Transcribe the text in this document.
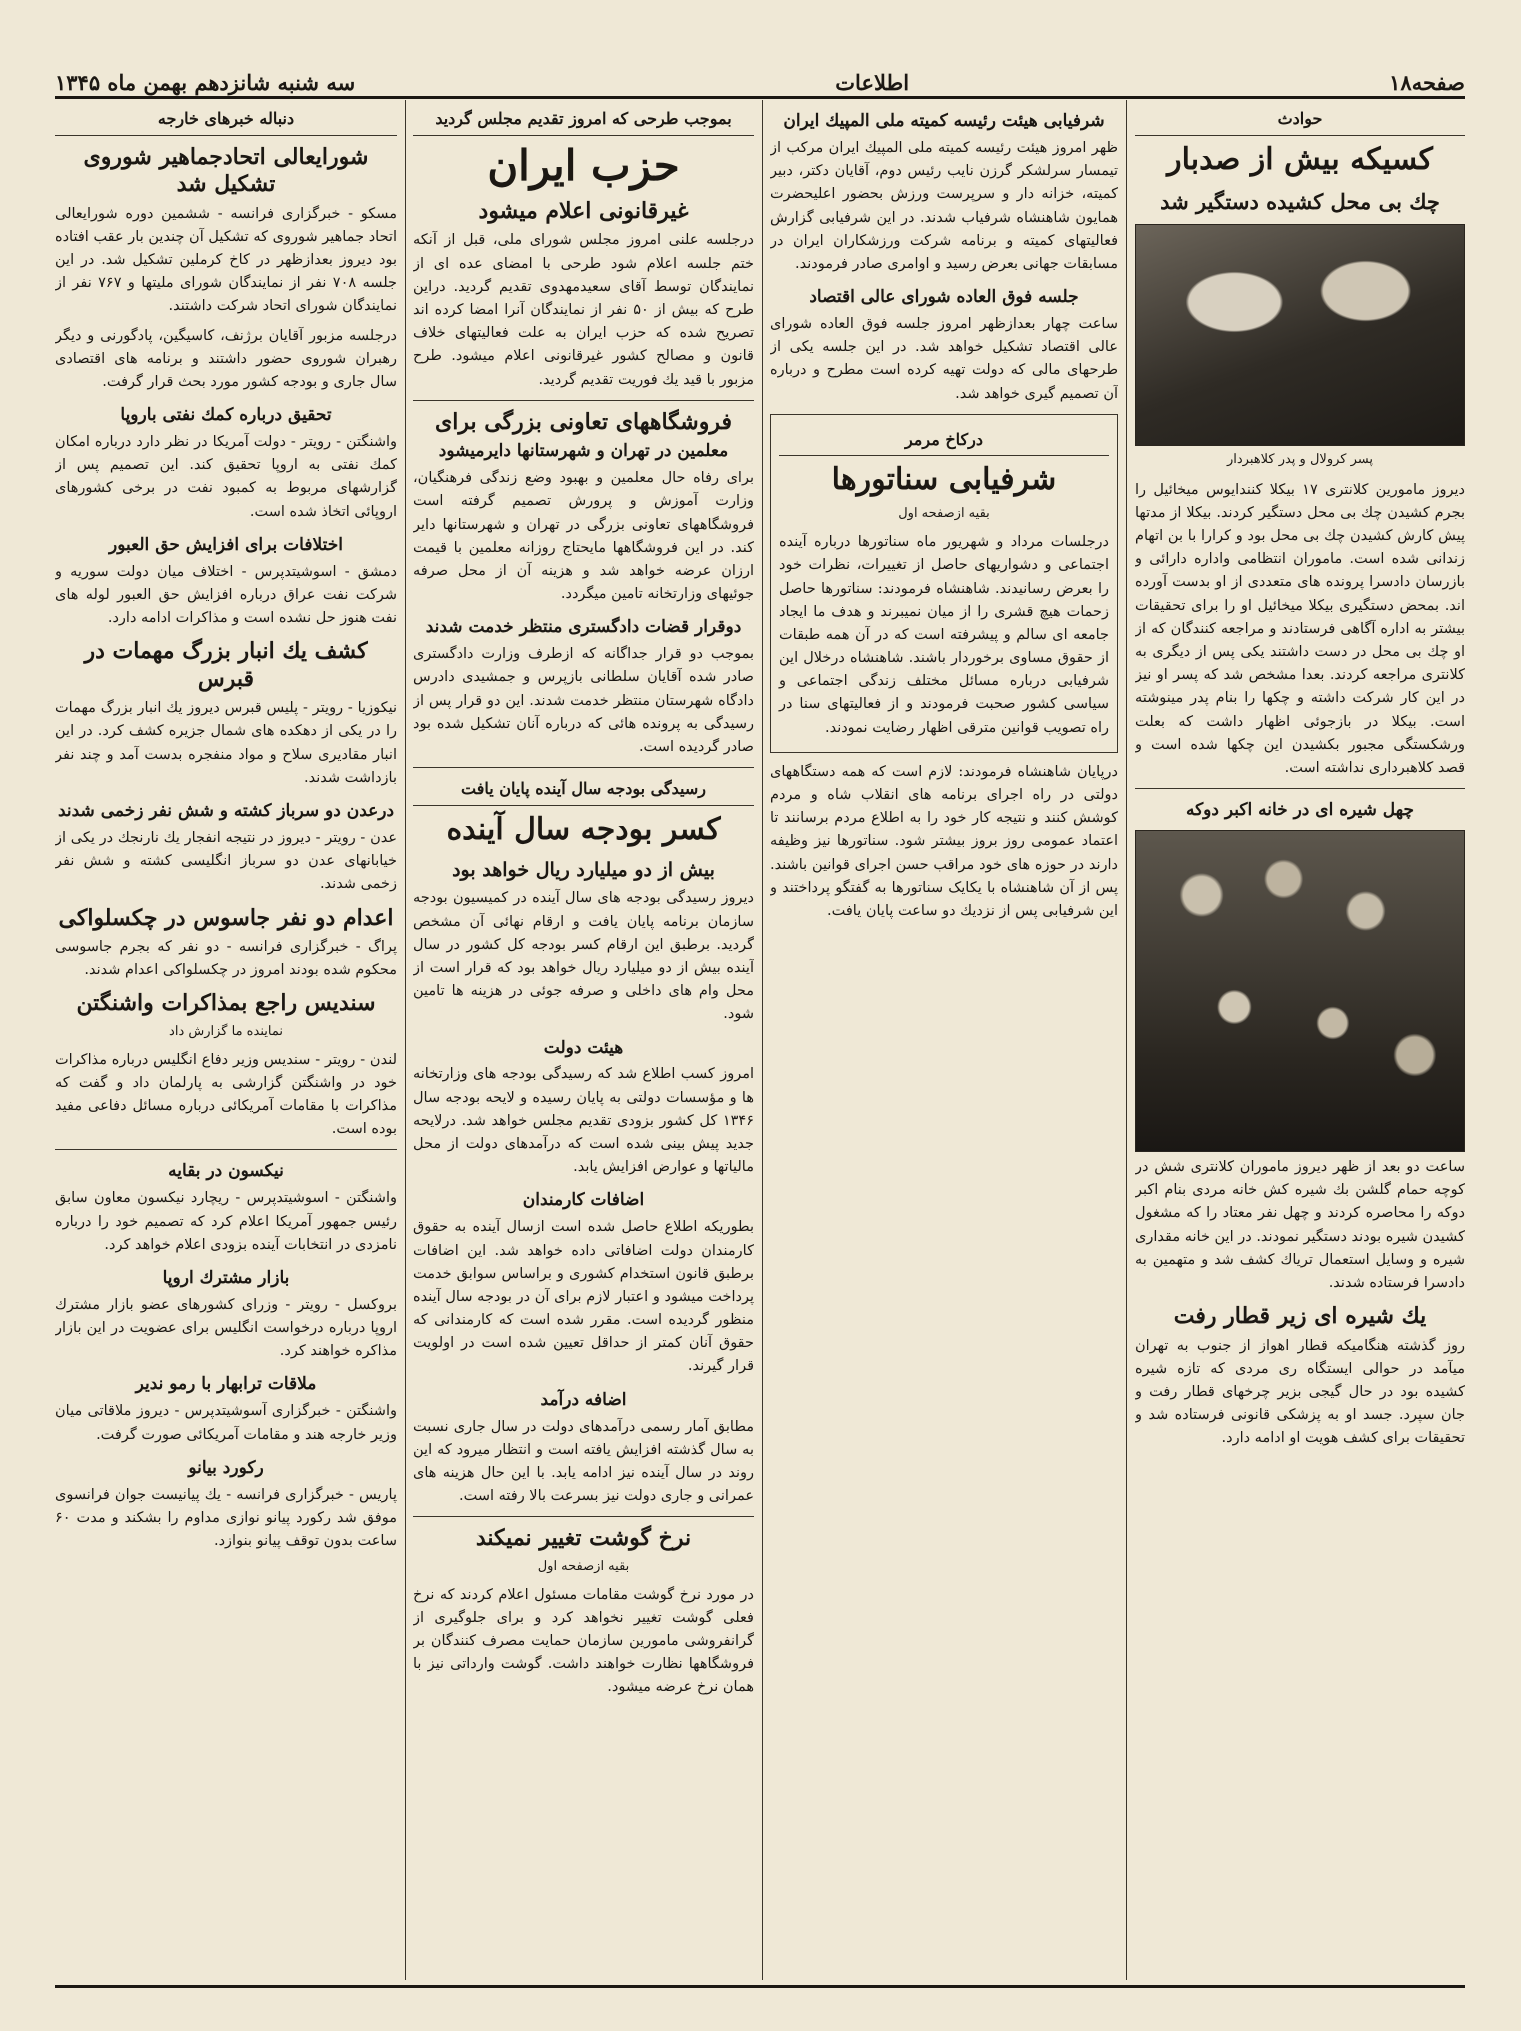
سه شنبه شانزدهم بهمن ماه ۱۳۴۵	اطلاعات	صفحه۱۸
حوادث
کسیکه بیش از صدبار
چك بی محل کشیده دستگیر شد
پسر کرولال و پدر کلاهبردار

دیروز مامورین کلانتری ۱۷ بیکلا کنندایوس میخائیل را بجرم کشیدن چك بی محل دستگیر کردند. بیکلا از مدتها پیش کارش کشیدن چك بی محل بود و کرارا با بن اتهام زندانی شده است. ماموران انتظامی واداره دارائی و بازرسان دادسرا پرونده های متعددی از او بدست آورده اند. بمحض دستگیری بیکلا میخائیل او را برای تحقیقات بیشتر به اداره آگاهی فرستادند و مراجعه کنندگان که از او چك بی محل در دست داشتند یکی پس از دیگری به کلانتری مراجعه کردند. بعدا مشخص شد که پسر او نیز در این کار شرکت داشته و چکها را بنام پدر مینوشته است. بیکلا در بازجوئی اظهار داشت که بعلت ورشکستگی مجبور بکشیدن این چکها شده است و قصد کلاهبرداری نداشته است.

چهل شیره ای در خانه اکبر دوکه

ساعت دو بعد از ظهر دیروز ماموران کلانتری شش در کوچه حمام گلشن بك شیره کش خانه مردی بنام اکبر دوکه را محاصره کردند و چهل نفر معتاد را که مشغول کشیدن شیره بودند دستگیر نمودند. در این خانه مقداری شیره و وسایل استعمال تریاك کشف شد و متهمین به دادسرا فرستاده شدند.

یك شیره ای زیر قطار رفت

روز گذشته هنگامیکه قطار اهواز از جنوب به تهران میآمد در حوالی ایستگاه ری مردی که تازه شیره کشیده بود در حال گیجی بزیر چرخهای قطار رفت و جان سپرد. جسد او به پزشکی قانونی فرستاده شد و تحقیقات برای کشف هویت او ادامه دارد.

شرفیابی هیئت رئیسه کمیته ملی المپیك ایران

ظهر امروز هیئت رئیسه کمیته ملی المپیك ایران مرکب از تیمسار سرلشکر گرزن نایب رئیس دوم، آقایان دکتر، دبیر کمیته، خزانه دار و سرپرست ورزش بحضور اعلیحضرت همایون شاهنشاه شرفیاب شدند. در این شرفیابی گزارش فعالیتهای کمیته و برنامه شرکت ورزشکاران ایران در مسابقات جهانی بعرض رسید و اوامری صادر فرمودند.

جلسه فوق العاده شورای عالی اقتصاد

ساعت چهار بعدازظهر امروز جلسه فوق العاده شورای عالی اقتصاد تشکیل خواهد شد. در این جلسه یکی از طرحهای مالی که دولت تهیه کرده است مطرح و درباره آن تصمیم گیری خواهد شد.

درکاخ مرمر
شرفیابی سناتورها
بقیه ازصفحه اول

درجلسات مرداد و شهریور ماه سناتورها درباره آینده اجتماعی و دشواریهای حاصل از تغییرات، نظرات خود را بعرض رسانیدند. شاهنشاه فرمودند: سناتورها حاصل زحمات هیچ قشری را از میان نمیبرند و هدف ما ایجاد جامعه ای سالم و پیشرفته است که در آن همه طبقات از حقوق مساوی برخوردار باشند. شاهنشاه درخلال این شرفیابی درباره مسائل مختلف زندگی اجتماعی و سیاسی کشور صحبت فرمودند و از فعالیتهای سنا در راه تصویب قوانین مترقی اظهار رضایت نمودند.

درپایان شاهنشاه فرمودند: لازم است که همه دستگاههای دولتی در راه اجرای برنامه های انقلاب شاه و مردم کوشش کنند و نتیجه کار خود را به اطلاع مردم برسانند تا اعتماد عمومی روز بروز بیشتر شود. سناتورها نیز وظیفه دارند در حوزه های خود مراقب حسن اجرای قوانین باشند. پس از آن شاهنشاه با یکایک سناتورها به گفتگو پرداختند و این شرفیابی پس از نزدیك دو ساعت پایان یافت.

بموجب طرحی که امروز تقدیم مجلس گردید
حزب ایران
غیرقانونی اعلام میشود

درجلسه علنی امروز مجلس شورای ملی، قبل از آنکه ختم جلسه اعلام شود طرحی با امضای عده ای از نمایندگان توسط آقای سعیدمهدوی تقدیم گردید. دراین طرح که بیش از ۵۰ نفر از نمایندگان آنرا امضا کرده اند تصریح شده که حزب ایران به علت فعالیتهای خلاف قانون و مصالح کشور غیرقانونی اعلام میشود. طرح مزبور با قید یك فوریت تقدیم گردید.

فروشگاههای تعاونی بزرگی برای
معلمین در تهران و شهرستانها دایرمیشود

برای رفاه حال معلمین و بهبود وضع زندگی فرهنگیان، وزارت آموزش و پرورش تصمیم گرفته است فروشگاههای تعاونی بزرگی در تهران و شهرستانها دایر کند. در این فروشگاهها مایحتاج روزانه معلمین با قیمت ارزان عرضه خواهد شد و هزینه آن از محل صرفه جوئیهای وزارتخانه تامین میگردد.

دوقرار قضات دادگستری منتظر خدمت شدند

بموجب دو قرار جداگانه که ازطرف وزارت دادگستری صادر شده آقایان سلطانی بازپرس و جمشیدی دادرس دادگاه شهرستان منتظر خدمت شدند. این دو قرار پس از رسیدگی به پرونده هائی که درباره آنان تشکیل شده بود صادر گردیده است.

رسیدگی بودجه سال آینده پایان یافت
کسر بودجه سال آینده
بیش از دو میلیارد ریال خواهد بود

دیروز رسیدگی بودجه های سال آینده در کمیسیون بودجه سازمان برنامه پایان یافت و ارقام نهائی آن مشخص گردید. برطبق این ارقام کسر بودجه کل کشور در سال آینده بیش از دو میلیارد ریال خواهد بود که قرار است از محل وام های داخلی و صرفه جوئی در هزینه ها تامین شود.

هیئت دولت

امروز کسب اطلاع شد که رسیدگی بودجه های وزارتخانه ها و مؤسسات دولتی به پایان رسیده و لایحه بودجه سال ۱۳۴۶ کل کشور بزودی تقدیم مجلس خواهد شد. درلایحه جدید پیش بینی شده است که درآمدهای دولت از محل مالیاتها و عوارض افزایش یابد.

اضافات کارمندان

بطوریکه اطلاع حاصل شده است ازسال آینده به حقوق کارمندان دولت اضافاتی داده خواهد شد. این اضافات برطبق قانون استخدام کشوری و براساس سوابق خدمت پرداخت میشود و اعتبار لازم برای آن در بودجه سال آینده منظور گردیده است. مقرر شده است که کارمندانی که حقوق آنان کمتر از حداقل تعیین شده است در اولویت قرار گیرند.

اضافه درآمد

مطابق آمار رسمی درآمدهای دولت در سال جاری نسبت به سال گذشته افزایش یافته است و انتظار میرود که این روند در سال آینده نیز ادامه یابد. با این حال هزینه های عمرانی و جاری دولت نیز بسرعت بالا رفته است.

نرخ گوشت تغییر نمیکند
بقیه ازصفحه اول

در مورد نرخ گوشت مقامات مسئول اعلام کردند که نرخ فعلی گوشت تغییر نخواهد کرد و برای جلوگیری از گرانفروشی مامورین سازمان حمایت مصرف کنندگان بر فروشگاهها نظارت خواهند داشت. گوشت وارداتی نیز با همان نرخ عرضه میشود.

دنباله خبرهای خارجه
شورایعالی اتحادجماهیر شوروی تشکیل شد

مسکو - خبرگزاری فرانسه - ششمین دوره شورایعالی اتحاد جماهیر شوروی که تشکیل آن چندین بار عقب افتاده بود دیروز بعدازظهر در کاخ کرملین تشکیل شد. در این جلسه ۷۰۸ نفر از نمایندگان شورای ملیتها و ۷۶۷ نفر از نمایندگان شورای اتحاد شرکت داشتند.

درجلسه مزبور آقایان برژنف، کاسیگین، پادگورنی و دیگر رهبران شوروی حضور داشتند و برنامه های اقتصادی سال جاری و بودجه کشور مورد بحث قرار گرفت.

تحقیق درباره کمك نفتی باروپا

واشنگتن - رویتر - دولت آمریکا در نظر دارد درباره امکان کمك نفتی به اروپا تحقیق کند. این تصمیم پس از گزارشهای مربوط به کمبود نفت در برخی کشورهای اروپائی اتخاذ شده است.

اختلافات برای افزایش حق العبور

دمشق - اسوشیتدپرس - اختلاف میان دولت سوریه و شرکت نفت عراق درباره افزایش حق العبور لوله های نفت هنوز حل نشده است و مذاکرات ادامه دارد.

کشف یك انبار بزرگ مهمات در قبرس

نیکوزیا - رویتر - پلیس قبرس دیروز یك انبار بزرگ مهمات را در یکی از دهکده های شمال جزیره کشف کرد. در این انبار مقادیری سلاح و مواد منفجره بدست آمد و چند نفر بازداشت شدند.

درعدن دو سرباز کشته و شش نفر زخمی شدند

عدن - رویتر - دیروز در نتیجه انفجار یك نارنجك در یکی از خیابانهای عدن دو سرباز انگلیسی کشته و شش نفر زخمی شدند.

اعدام دو نفر جاسوس در چکسلواکی

پراگ - خبرگزاری فرانسه - دو نفر که بجرم جاسوسی محکوم شده بودند امروز در چکسلواکی اعدام شدند.

سندیس راجع بمذاکرات واشنگتن
نماینده ما گزارش داد

لندن - رویتر - سندیس وزیر دفاع انگلیس درباره مذاکرات خود در واشنگتن گزارشی به پارلمان داد و گفت که مذاکرات با مقامات آمریکائی درباره مسائل دفاعی مفید بوده است.

نیکسون در بقایه

واشنگتن - اسوشیتدپرس - ریچارد نیکسون معاون سابق رئیس جمهور آمریکا اعلام کرد که تصمیم خود را درباره نامزدی در انتخابات آینده بزودی اعلام خواهد کرد.

بازار مشترك اروپا

بروکسل - رویتر - وزرای کشورهای عضو بازار مشترك اروپا درباره درخواست انگلیس برای عضویت در این بازار مذاکره خواهند کرد.

ملاقات ترابهار با رمو ندیر

واشنگتن - خبرگزاری آسوشیتدپرس - دیروز ملاقاتی میان وزیر خارجه هند و مقامات آمریکائی صورت گرفت.

رکورد بیانو

پاریس - خبرگزاری فرانسه - یك پیانیست جوان فرانسوی موفق شد رکورد پیانو نوازی مداوم را بشکند و مدت ۶۰ ساعت بدون توقف پیانو بنوازد.
